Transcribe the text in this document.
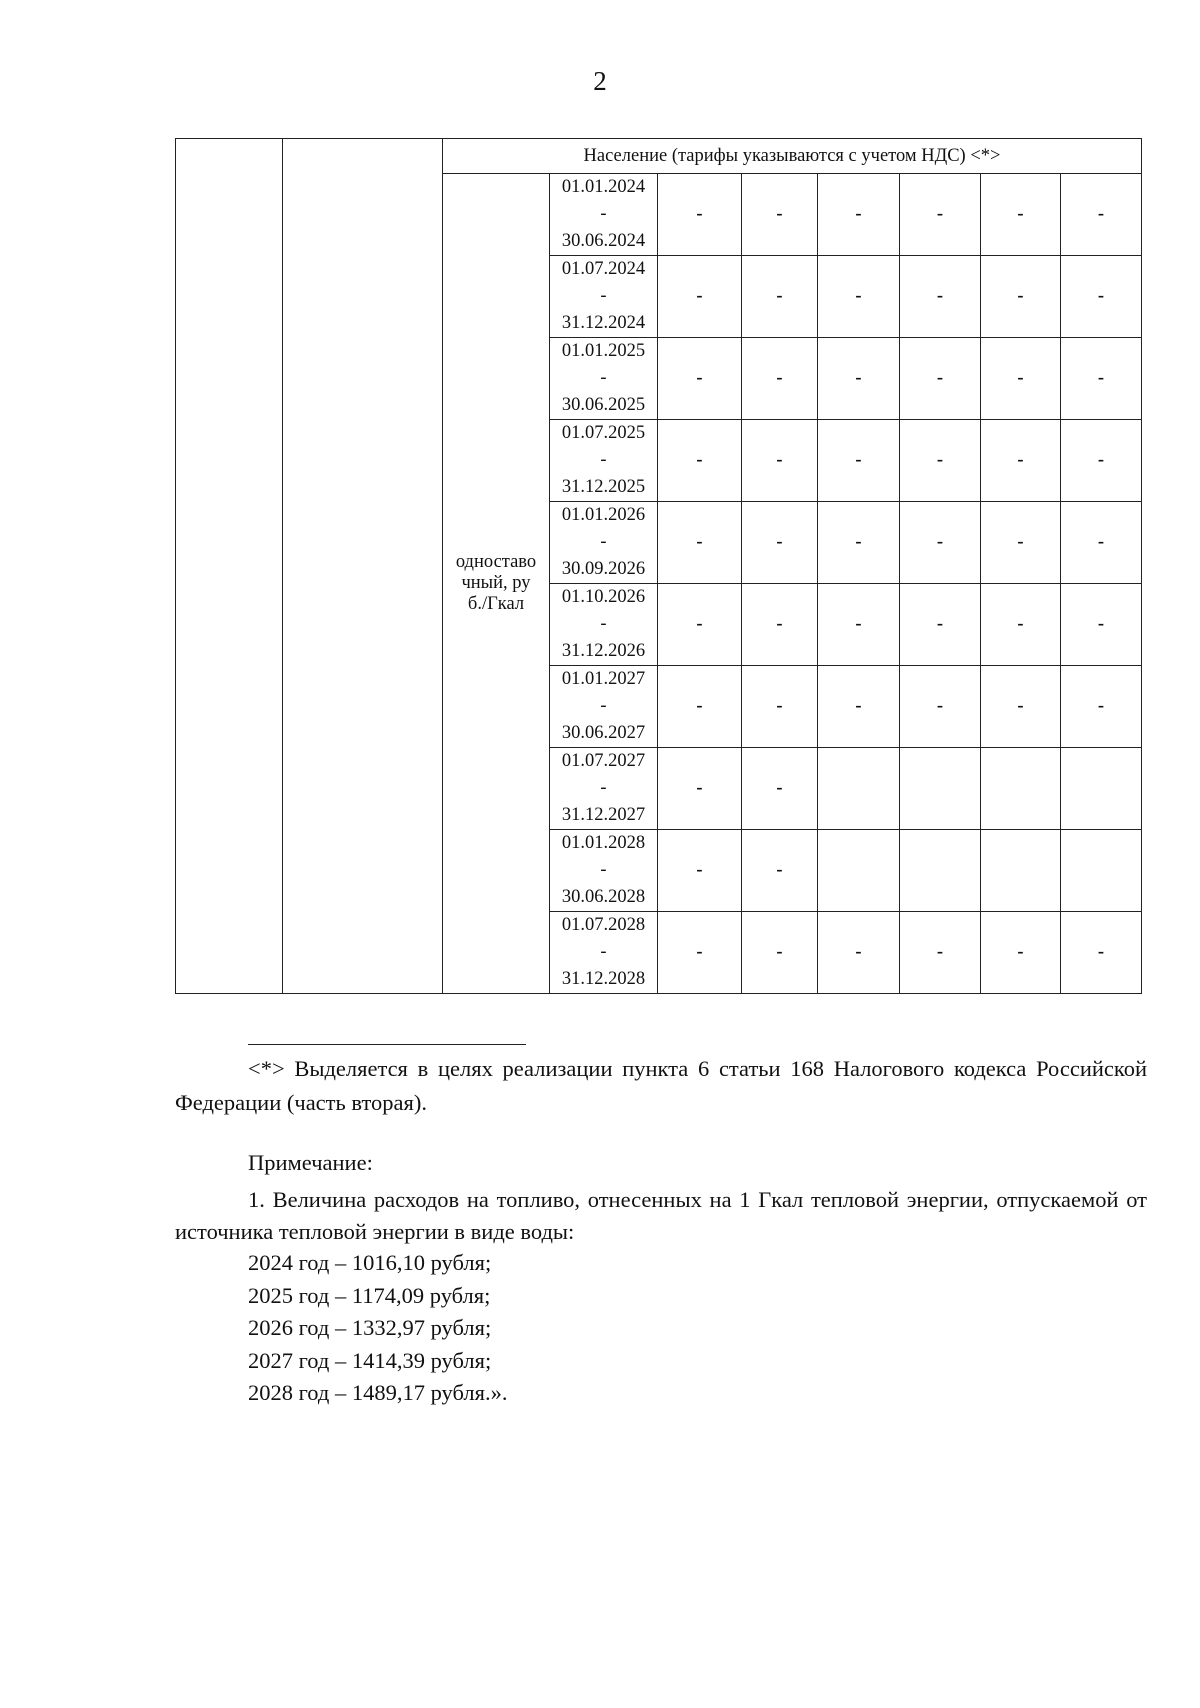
2
		Население (тарифы указываются с учетом НДС) <*>							
		одноставочный, руб./Гкал	01.01.2024
-
30.06.2024	-	-	-	-	-	-

			01.07.2024
-
31.12.2024	-	-	-	-	-	-

			01.01.2025
-
30.06.2025	-	-	-	-	-	-

			01.07.2025
-
31.12.2025	-	-	-	-	-	-

			01.01.2026
-
30.09.2026	-	-	-	-	-	-

			01.10.2026
-
31.12.2026	-	-	-	-	-	-

			01.01.2027
-
30.06.2027	-	-	-	-	-	-

			01.07.2027
-
31.12.2027	-	-				

			01.01.2028
-
30.06.2028	-	-				

			01.07.2028
-
31.12.2028	-	-	-	-	-	-
<*> Выделяется в целях реализации пункта 6 статьи 168 Налогового кодекса Российской Федерации (часть вторая).
Примечание:
1. Величина расходов на топливо, отнесенных на 1 Гкал тепловой энергии, отпускаемой от источника тепловой энергии в виде воды:
2024 год – 1016,10 рубля;
2025 год – 1174,09 рубля;
2026 год – 1332,97 рубля;
2027 год – 1414,39 рубля;
2028 год – 1489,17 рубля.».
